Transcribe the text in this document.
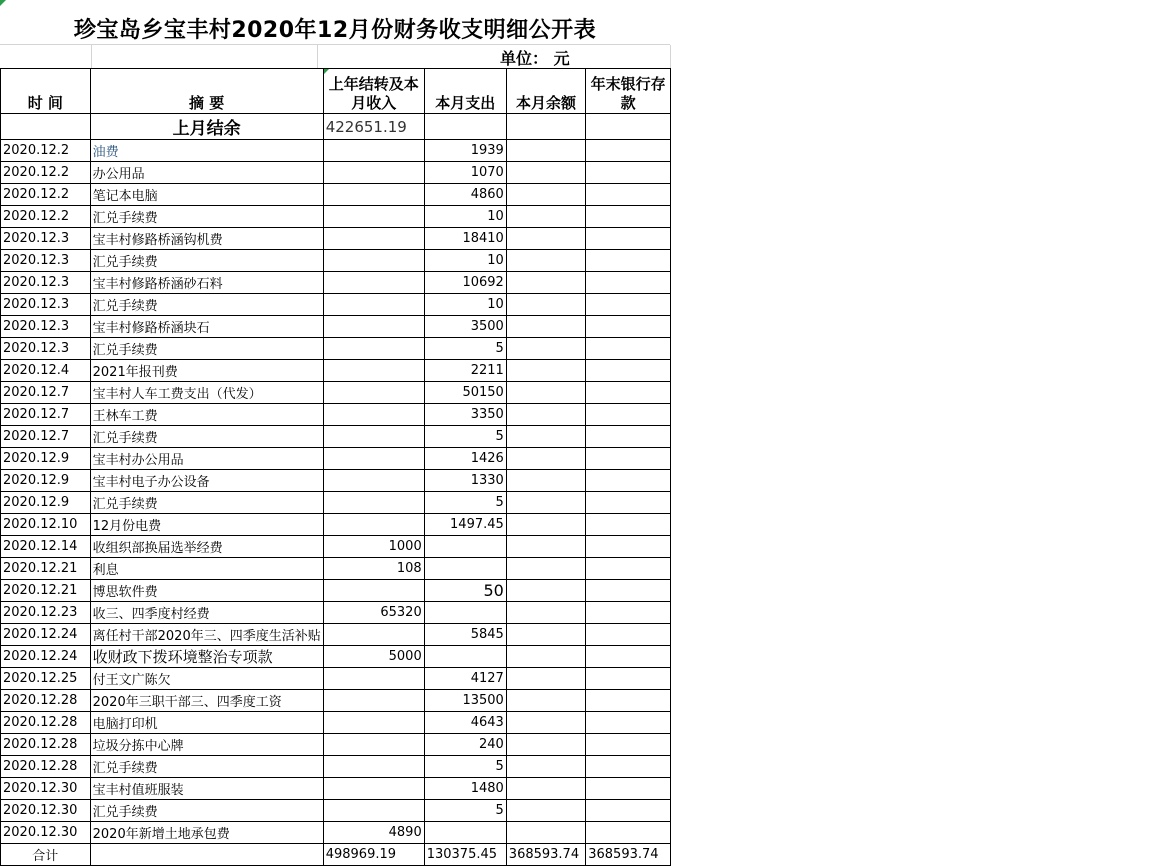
珍宝岛乡宝丰村2020年12月份财务收支明细公开表
单位： 元
时 间	摘 要	上年结转及本月收入	本月支出	本月余额	年末银行存款
	上月结余	422651.19			
2020.12.2	油费		1939		
2020.12.2	办公用品		1070		
2020.12.2	笔记本电脑		4860		
2020.12.2	汇兑手续费		10		
2020.12.3	宝丰村修路桥涵钩机费		18410		
2020.12.3	汇兑手续费		10		
2020.12.3	宝丰村修路桥涵砂石料		10692		
2020.12.3	汇兑手续费		10		
2020.12.3	宝丰村修路桥涵块石		3500		
2020.12.3	汇兑手续费		5		
2020.12.4	2021年报刊费		2211		
2020.12.7	宝丰村人车工费支出（代发）		50150		
2020.12.7	王林车工费		3350		
2020.12.7	汇兑手续费		5		
2020.12.9	宝丰村办公用品		1426		
2020.12.9	宝丰村电子办公设备		1330		
2020.12.9	汇兑手续费		5		
2020.12.10	12月份电费		1497.45		
2020.12.14	收组织部换届选举经费	1000			
2020.12.21	利息	108			
2020.12.21	博思软件费		50		
2020.12.23	收三、四季度村经费	65320			
2020.12.24	离任村干部2020年三、四季度生活补贴		5845		
2020.12.24	收财政下拨环境整治专项款	5000			
2020.12.25	付王文广陈欠		4127		
2020.12.28	2020年三职干部三、四季度工资		13500		
2020.12.28	电脑打印机		4643		
2020.12.28	垃圾分拣中心牌		240		
2020.12.28	汇兑手续费		5		
2020.12.30	宝丰村值班服装		1480		
2020.12.30	汇兑手续费		5		
2020.12.30	2020年新增土地承包费	4890			
合计		498969.19	130375.45	368593.74	368593.74
